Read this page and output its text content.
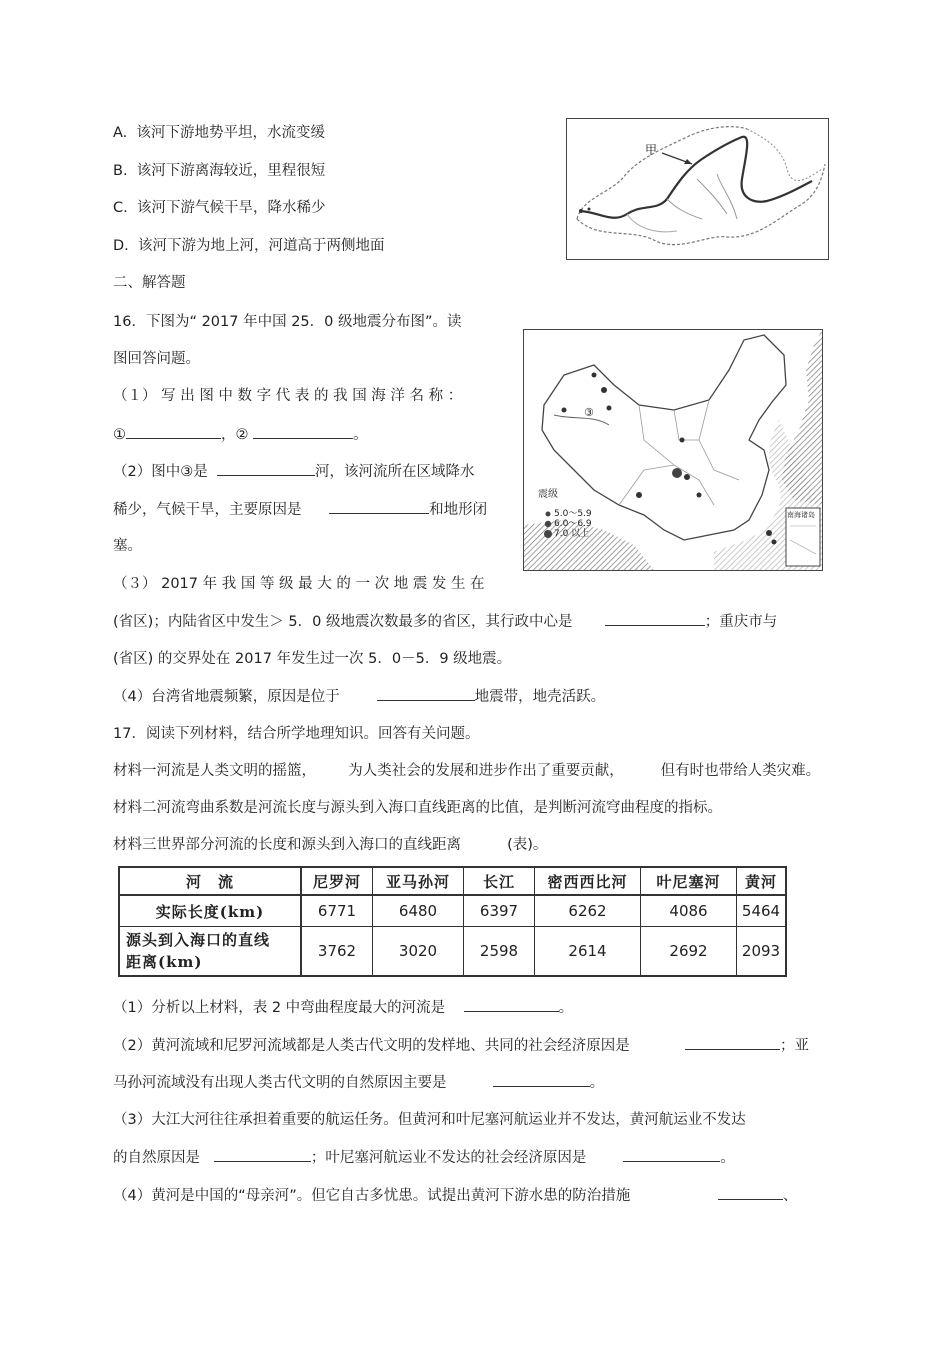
A. 该河下游地势平坦，水流变缓
B. 该河下游离海较近，里程很短
C. 该河下游气候干旱，降水稀少
D. 该河下游为地上河，河道高于两侧地面
甲
二、解答题
16．下图为“ 2017 年中国 25．0 级地震分布图”。读
图回答问题。
（１） 写 出 图 中 数 字 代 表 的 我 国 海 洋 名 称 ：
①	，②	。
（2）图中③是	河，该河流所在区域降水
稀少，气候干旱，主要原因是	和地形闭
塞。
震级
5.0～5.9
6.0～6.9
7.0 以上
③
南海诸岛
（３） 2017 年 我 国 等 级 最 大 的 一 次 地 震 发 生 在
(省区)；内陆省区中发生＞ 5．0 级地震次数最多的省区，其行政中心是	；重庆市与
(省区) 的交界处在 2017 年发生过一次 5．0－5．9 级地震。
（4）台湾省地震频繁，原因是位于	地震带，地壳活跃。
17．阅读下列材料，结合所学地理知识。回答有关问题。
材料一河流是人类文明的摇篮， 为人类社会的发展和进步作出了重要贡献，	但有时也带给人类灾难。
材料二河流弯曲系数是河流长度与源头到入海口直线距离的比值，是判断河流穹曲程度的指标。
材料三世界部分河流的长度和源头到入海口的直线距离	(表)。
河　流	尼罗河	亚马孙河	长江	密西西比河	叶尼塞河	黄河
实际长度(km)	6771	6480	6397	6262	4086	5464

源头到入海口的直线
距离(km)	3762	3020	2598	2614	2692	2093
（1）分析以上材料，表 2 中弯曲程度最大的河流是	。
（2）黄河流域和尼罗河流域都是人类古代文明的发样地、共同的社会经济原因是	；亚
马孙河流域没有出现人类古代文明的自然原因主要是	。
（3）大江大河往往承担着重要的航运任务。但黄河和叶尼塞河航运业并不发达，黄河航运业不发达
的自然原因是	；叶尼塞河航运业不发达的社会经济原因是	。
（4）黄河是中国的“母亲河”。但它自古多忧患。试提出黄河下游水患的防治措施	、
